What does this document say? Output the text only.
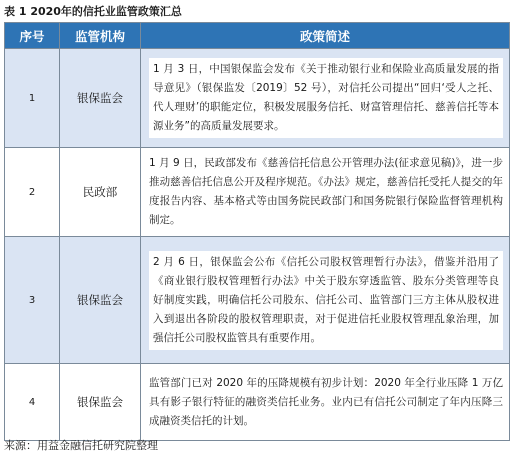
表 1 2020年的信托业监管政策汇总
序号	监管机构	政策简述
1	银保监会	1 月 3 日，中国银保监会发布《关于推动银行业和保险业高质量发展的指导意见》（银保监发〔2019〕52 号），对信托公司提出“回归‘受人之托、代人理财’的职能定位，积极发展服务信托、财富管理信托、慈善信托等本源业务”的高质量发展要求。

2	民政部	1 月 9 日，民政部发布《慈善信托信息公开管理办法(征求意见稿)》，进一步推动慈善信托信息公开及程序规范。《办法》规定，慈善信托受托人提交的年度报告内容、基本格式等由国务院民政部门和国务院银行保险监督管理机构制定。

3	银保监会	2 月 6 日，银保监会公布《信托公司股权管理暂行办法》，借鉴并沿用了《商业银行股权管理暂行办法》中关于股东穿透监管、股东分类管理等良好制度实践，明确信托公司股东、信托公司、监管部门三方主体从股权进入到退出各阶段的股权管理职责，对于促进信托业股权管理乱象治理，加强信托公司股权监管具有重要作用。

4	银保监会	监管部门已对 2020 年的压降规模有初步计划：2020 年全行业压降 1 万亿具有影子银行特征的融资类信托业务。业内已有信托公司制定了年内压降三成融资类信托的计划。
来源：用益金融信托研究院整理
